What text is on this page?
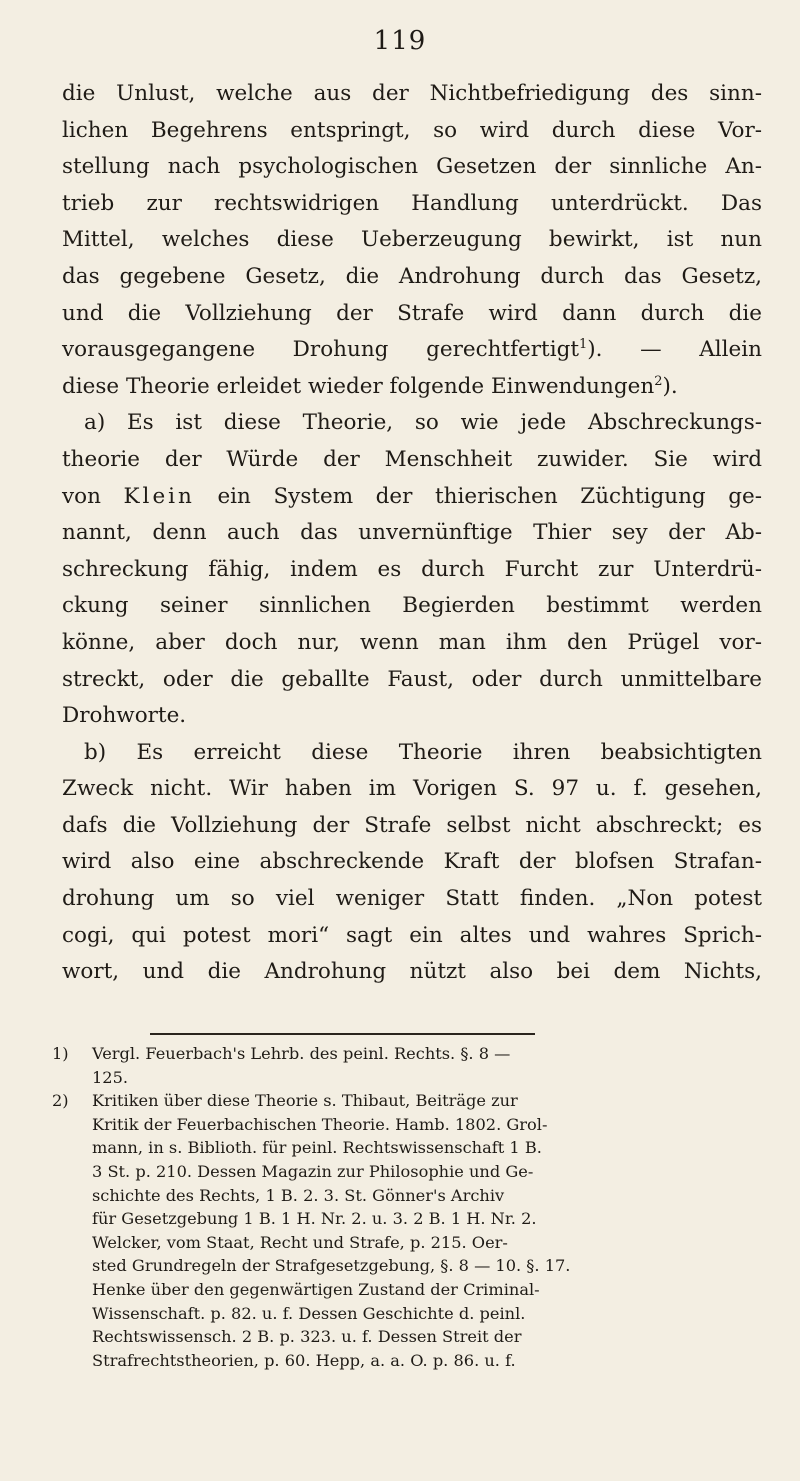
119
die Unlust, welche aus der Nichtbefriedigung des sinn-
lichen Begehrens entspringt, so wird durch diese Vor-
stellung nach psychologischen Gesetzen der sinnliche An-
trieb zur rechtswidrigen Handlung unterdrückt. Das
Mittel, welches diese Ueberzeugung bewirkt, ist nun
das gegebene Gesetz, die Androhung durch das Gesetz,
und die Vollziehung der Strafe wird dann durch die
vorausgegangene Drohung gerechtfertigt$^1$). — Allein
diese Theorie erleidet wieder folgende Einwendungen$^2$).
a) Es ist diese Theorie, so wie jede Abschreckungs-
theorie der Würde der Menschheit zuwider. Sie wird
von Klein ein System der thierischen Züchtigung ge-
nannt, denn auch das unvernünftige Thier sey der Ab-
schreckung fähig, indem es durch Furcht zur Unterdrü-
ckung seiner sinnlichen Begierden bestimmt werden
könne, aber doch nur, wenn man ihm den Prügel vor-
streckt, oder die geballte Faust, oder durch unmittelbare
Drohworte.
b) Es erreicht diese Theorie ihren beabsichtigten
Zweck nicht. Wir haben im Vorigen S. 97 u. f. gesehen,
dafs die Vollziehung der Strafe selbst nicht abschreckt; es
wird also eine abschreckende Kraft der blofsen Strafan-
drohung um so viel weniger Statt finden. „Non potest
cogi, qui potest mori“ sagt ein altes und wahres Sprich-
wort, und die Androhung nützt also bei dem Nichts,
1) Vergl. Feuerbach's Lehrb. des peinl. Rechts. §. 8 —
125.
2) Kritiken über diese Theorie s. Thibaut, Beiträge zur
Kritik der Feuerbachischen Theorie. Hamb. 1802. Grol-
mann, in s. Biblioth. für peinl. Rechtswissenschaft 1 B.
3 St. p. 210. Dessen Magazin zur Philosophie und Ge-
schichte des Rechts, 1 B. 2. 3. St. Gönner's Archiv
für Gesetzgebung 1 B. 1 H. Nr. 2. u. 3. 2 B. 1 H. Nr. 2.
Welcker, vom Staat, Recht und Strafe, p. 215. Oer-
sted Grundregeln der Strafgesetzgebung, §. 8 — 10. §. 17.
Henke über den gegenwärtigen Zustand der Criminal-
Wissenschaft. p. 82. u. f. Dessen Geschichte d. peinl.
Rechtswissensch. 2 B. p. 323. u. f. Dessen Streit der
Strafrechtstheorien, p. 60. Hepp, a. a. O. p. 86. u. f.
